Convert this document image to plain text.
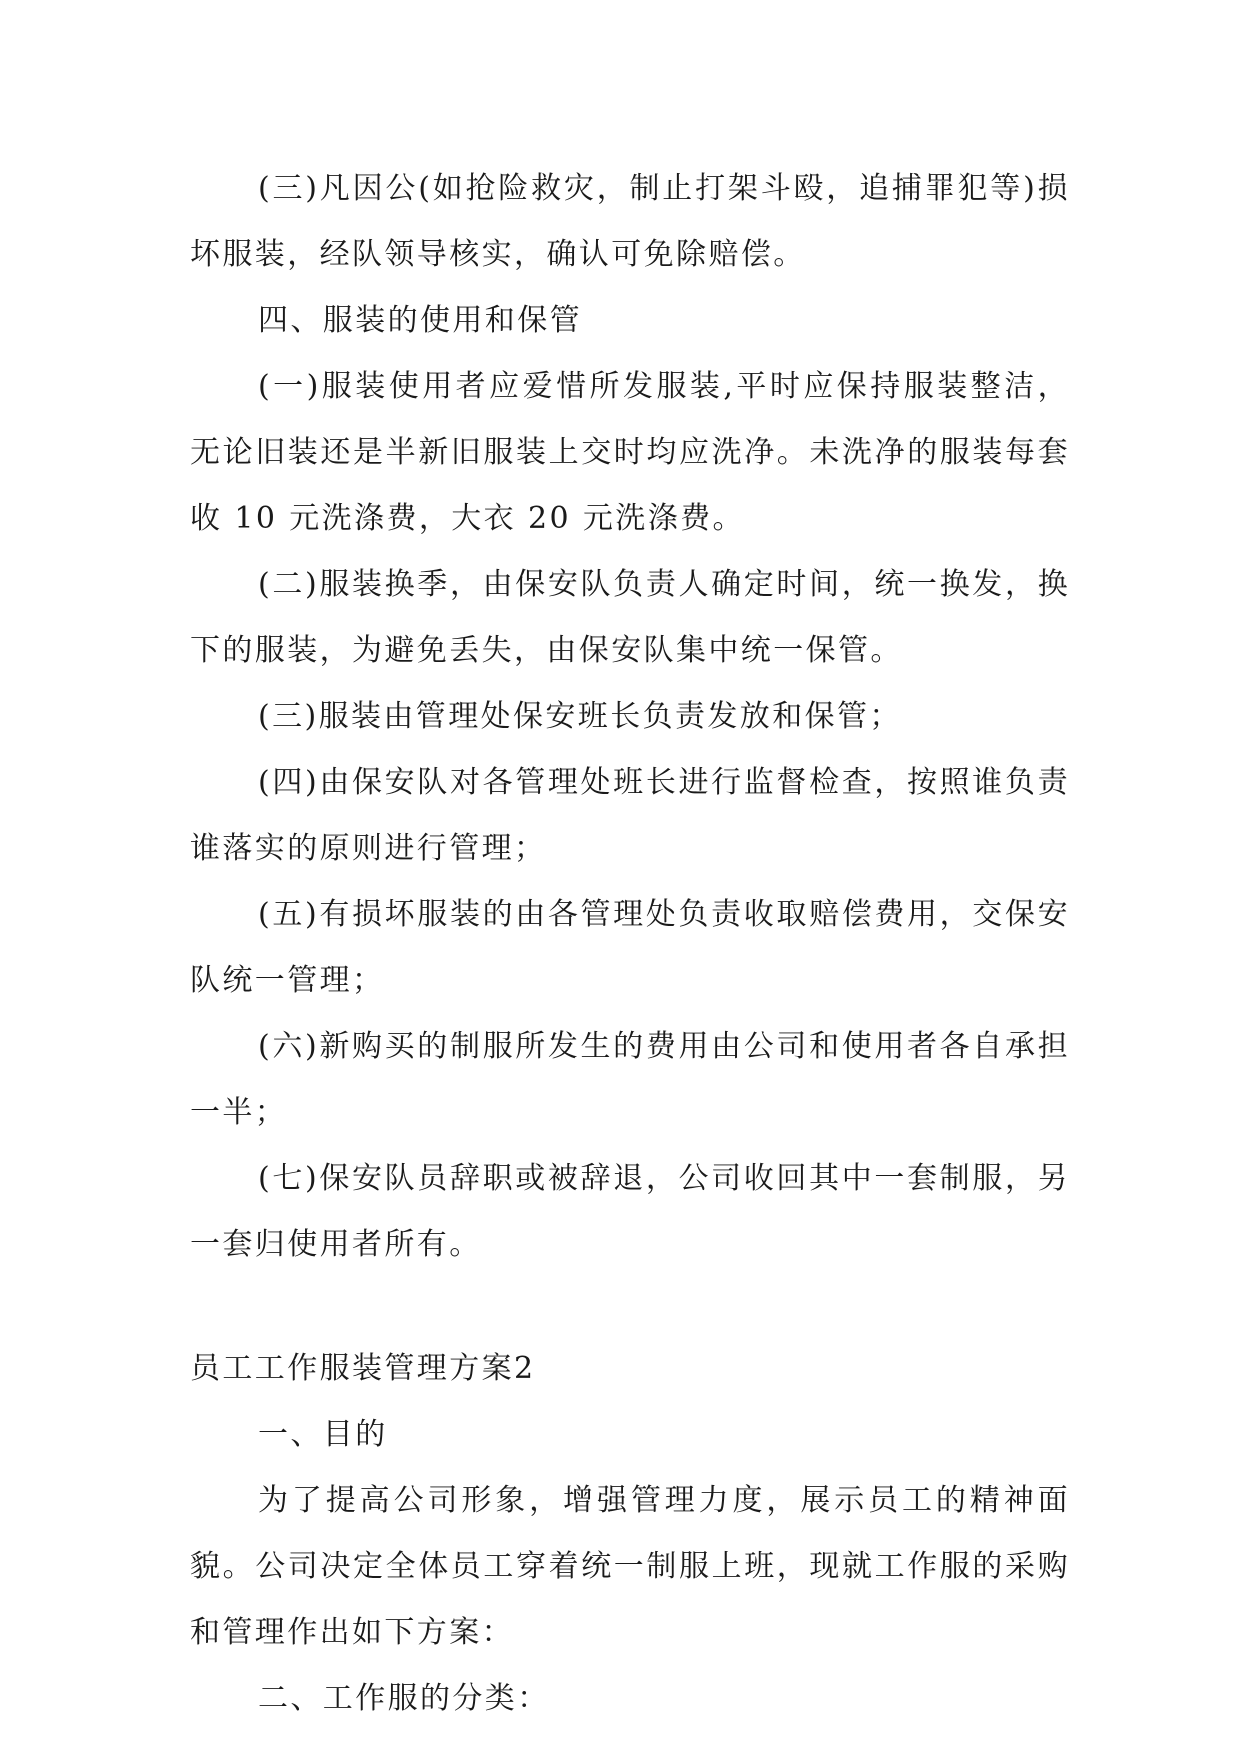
(三)凡因公(如抢险救灾，制止打架斗殴，追捕罪犯等)损坏服装，经队领导核实，确认可免除赔偿。

四、服装的使用和保管

(一)服装使用者应爱惜所发服装,平时应保持服装整洁，无论旧装还是半新旧服装上交时均应洗净。未洗净的服装每套收 10 元洗涤费，大衣 20 元洗涤费。

(二)服装换季，由保安队负责人确定时间，统一换发，换下的服装，为避免丢失，由保安队集中统一保管。

(三)服装由管理处保安班长负责发放和保管；

(四)由保安队对各管理处班长进行监督检查，按照谁负责谁落实的原则进行管理；

(五)有损坏服装的由各管理处负责收取赔偿费用，交保安队统一管理；

(六)新购买的制服所发生的费用由公司和使用者各自承担一半；

(七)保安队员辞职或被辞退，公司收回其中一套制服，另一套归使用者所有。

员工工作服装管理方案2

一、目的

为了提高公司形象，增强管理力度，展示员工的精神面貌。公司决定全体员工穿着统一制服上班，现就工作服的采购和管理作出如下方案：

二、工作服的分类：
